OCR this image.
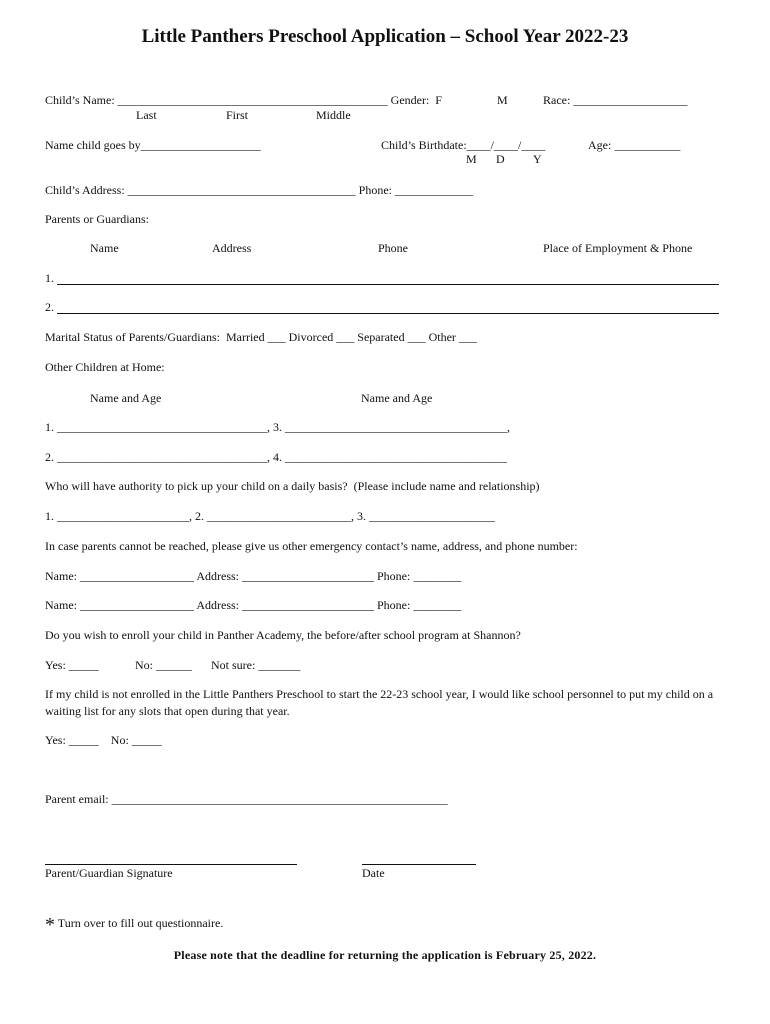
Little Panthers Preschool Application – School Year 2022-23
Child’s Name: _____________________________________________ Gender:  F	M	Race: ___________________
Last	First	Middle
Name child goes by____________________	Child’s Birthdate:____/____/____	Age: ___________
M D Y
Child’s Address: ______________________________________ Phone: _____________
Parents or Guardians:
Name	Address	Phone	Place of Employment & Phone
1.
2.
Marital Status of Parents/Guardians:  Married ___ Divorced ___ Separated ___ Other ___
Other Children at Home:
Name and Age	Name and Age
1. ___________________________________, 3. _____________________________________,
2. ___________________________________, 4. _____________________________________
Who will have authority to pick up your child on a daily basis?  (Please include name and relationship)
1. ______________________, 2. ________________________, 3. _____________________
In case parents cannot be reached, please give us other emergency contact’s name, address, and phone number:
Name: ___________________ Address: ______________________ Phone: ________
Name: ___________________ Address: ______________________ Phone: ________
Do you wish to enroll your child in Panther Academy, the before/after school program at Shannon?
Yes: _____	No: ______ Not sure: _______
If my child is not enrolled in the Little Panthers Preschool to start the 22-23 school year, I would like school personnel to put my child on a waiting list for any slots that open during that year.
Yes: _____    No: _____
Parent email: ________________________________________________________
Parent/Guardian Signature	Date
* Turn over to fill out questionnaire.
Please note that the deadline for returning the application is February 25, 2022.
